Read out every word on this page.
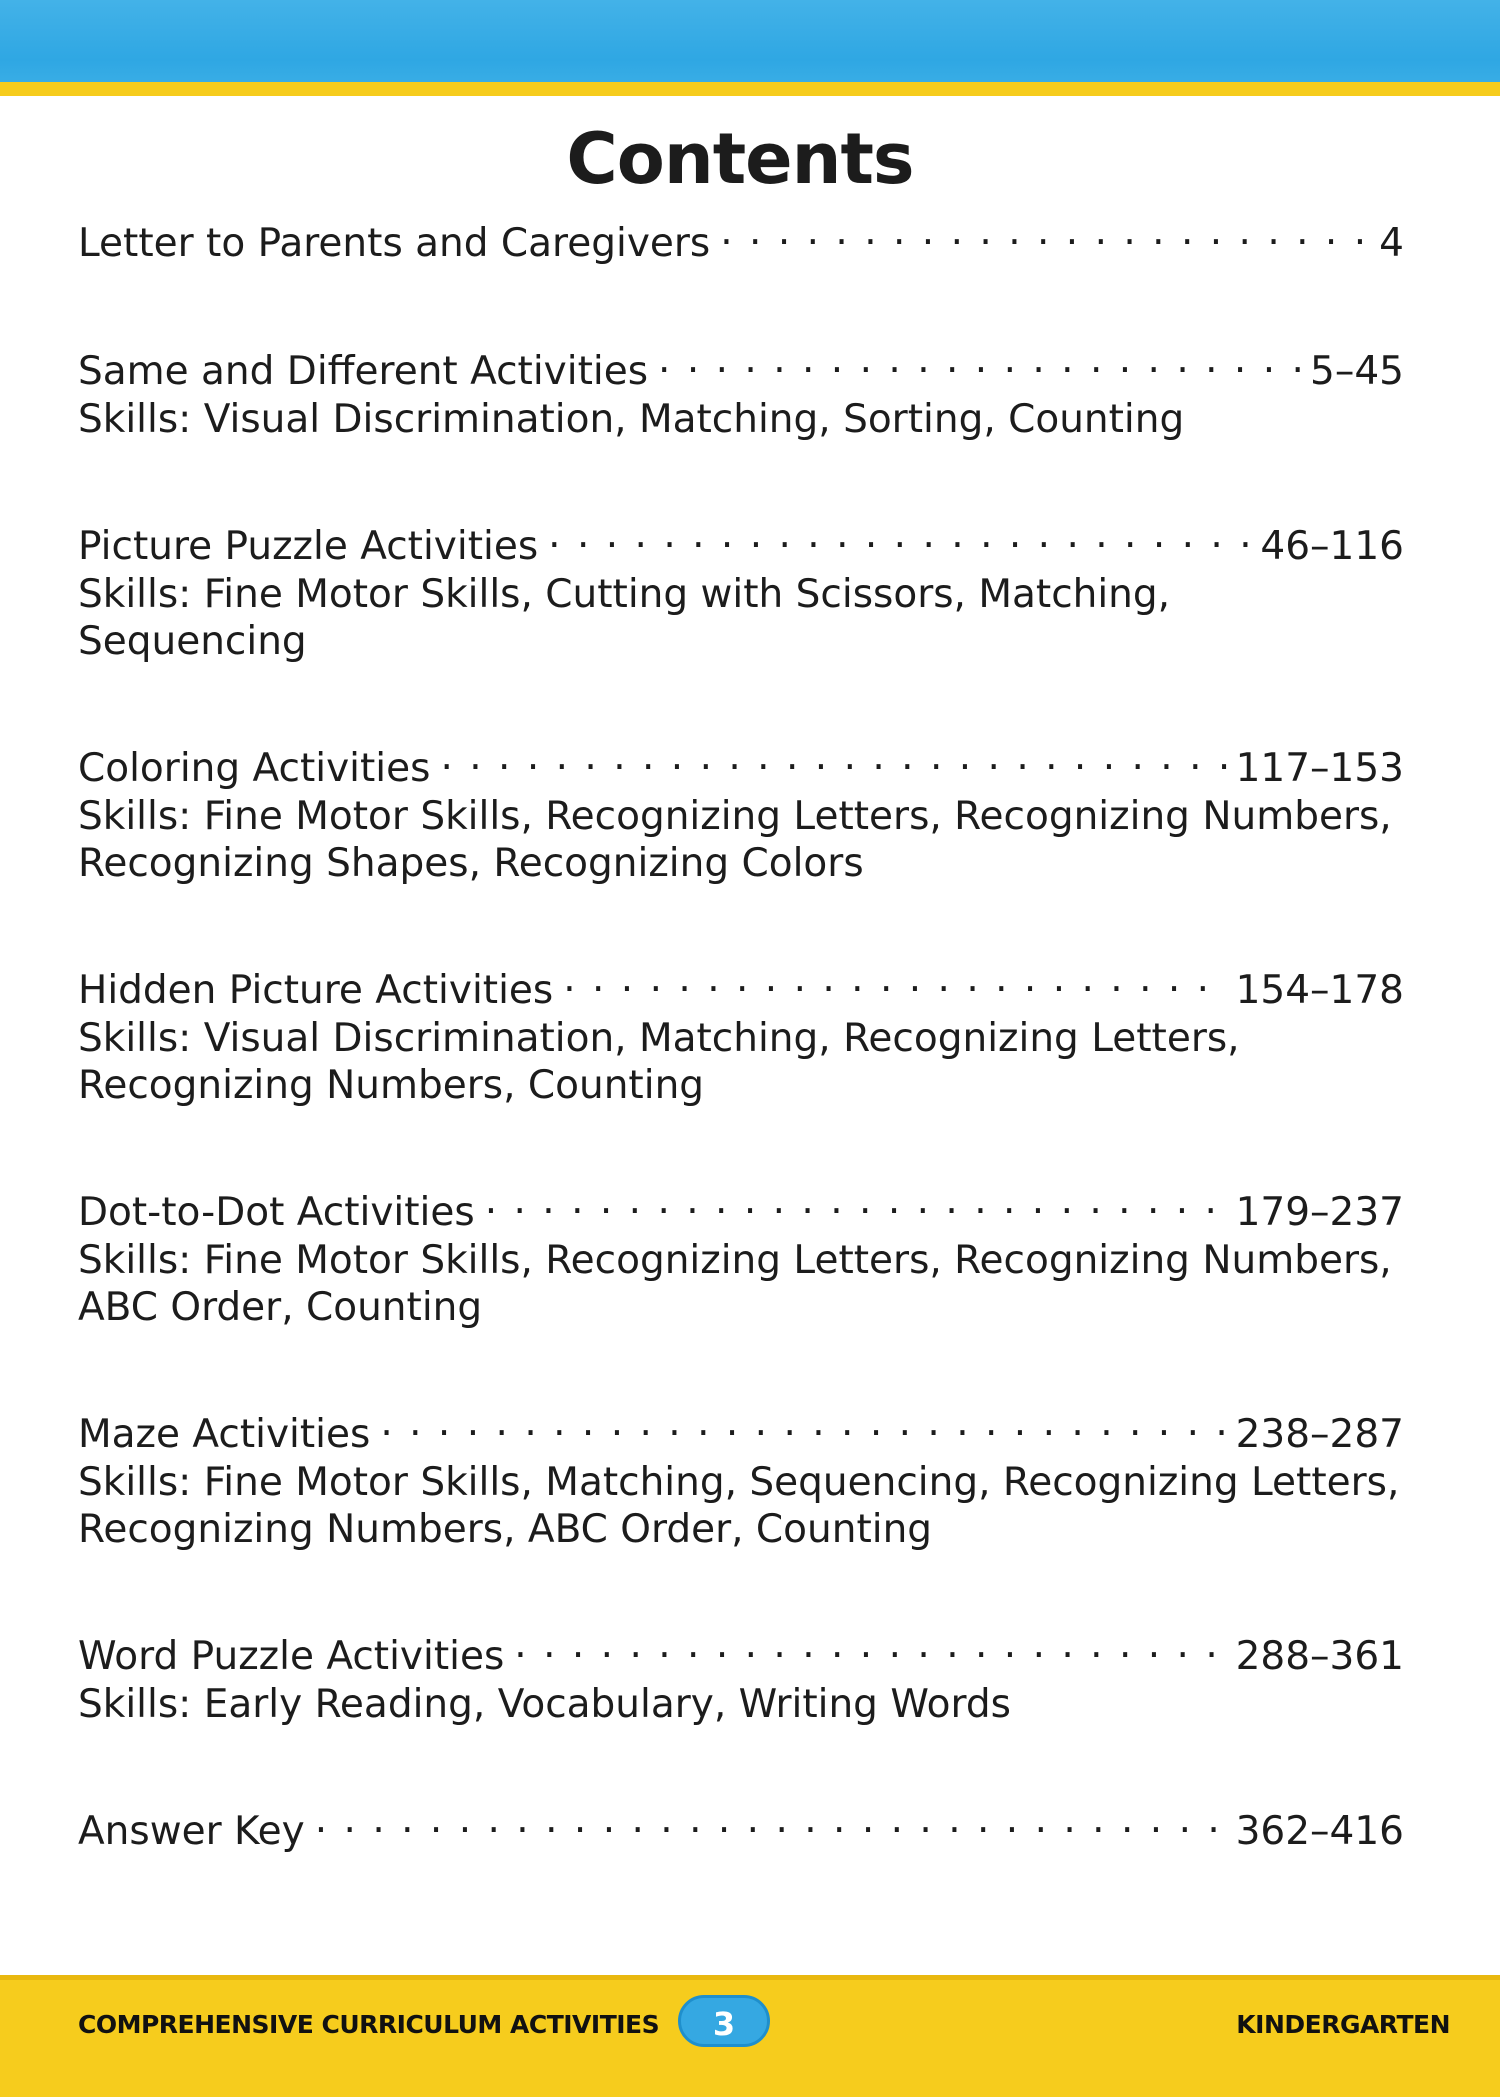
Contents
Letter to Parents and Caregivers . . .	4
Same and Different Activities . . .	5–45
Skills: Visual Discrimination, Matching, Sorting, Counting
Picture Puzzle Activities . . .	46–116
Skills: Fine Motor Skills, Cutting with Scissors, Matching, Sequencing
Coloring Activities . . .	117–153
Skills: Fine Motor Skills, Recognizing Letters, Recognizing Numbers,
Recognizing Shapes, Recognizing Colors
Hidden Picture Activities . . .	154–178
Skills: Visual Discrimination, Matching, Recognizing Letters,
Recognizing Numbers, Counting
Dot-to-Dot Activities . . .	179–237
Skills: Fine Motor Skills, Recognizing Letters, Recognizing Numbers,
ABC Order, Counting
Maze Activities . . .	238–287
Skills: Fine Motor Skills, Matching, Sequencing, Recognizing Letters,
Recognizing Numbers, ABC Order, Counting
Word Puzzle Activities . . .	288–361
Skills: Early Reading, Vocabulary, Writing Words
Answer Key . . .	362–416
COMPREHENSIVE CURRICULUM ACTIVITIES	3	KINDERGARTEN
